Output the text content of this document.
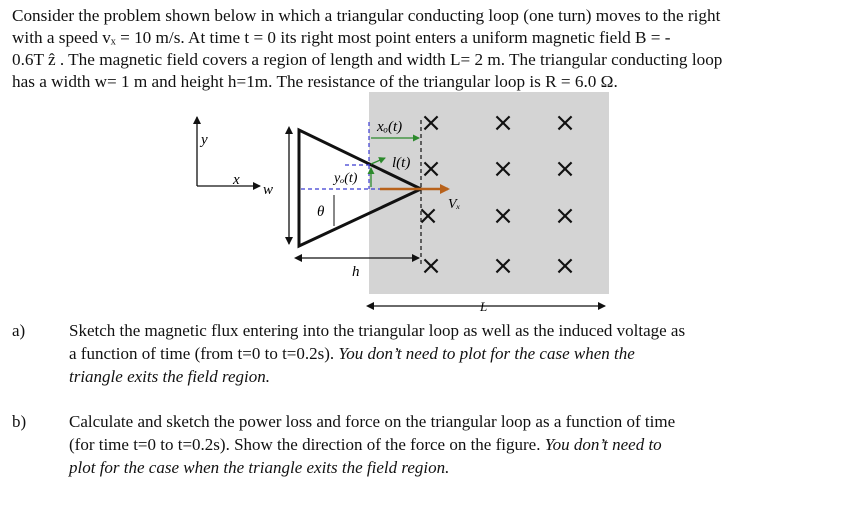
Consider the problem shown below in which a triangular conducting loop (one turn) moves to the right
with a speed vₓ = 10 m/s. At time t = 0 its right most point enters a uniform magnetic field B = -
0.6T ẑ . The magnetic field covers a region of length and width L= 2 m. The triangular conducting loop
has a width w= 1 m and height h=1m. The resistance of the triangular loop is R = 6.0 Ω.
× × ×
× × ×
× × ×
× × ×
y
x
w
h
θ
xₒ(t)
l(t)
yₒ(t)
Vₓ
L
a)	Sketch the magnetic flux entering into the triangular loop as well as the induced voltage as
a function of time (from t=0 to t=0.2s). You don’t need to plot for the case when the
triangle exits the field region.
b)	Calculate and sketch the power loss and force on the triangular loop as a function of time
(for time t=0 to t=0.2s). Show the direction of the force on the figure. You don’t need to
plot for the case when the triangle exits the field region.
